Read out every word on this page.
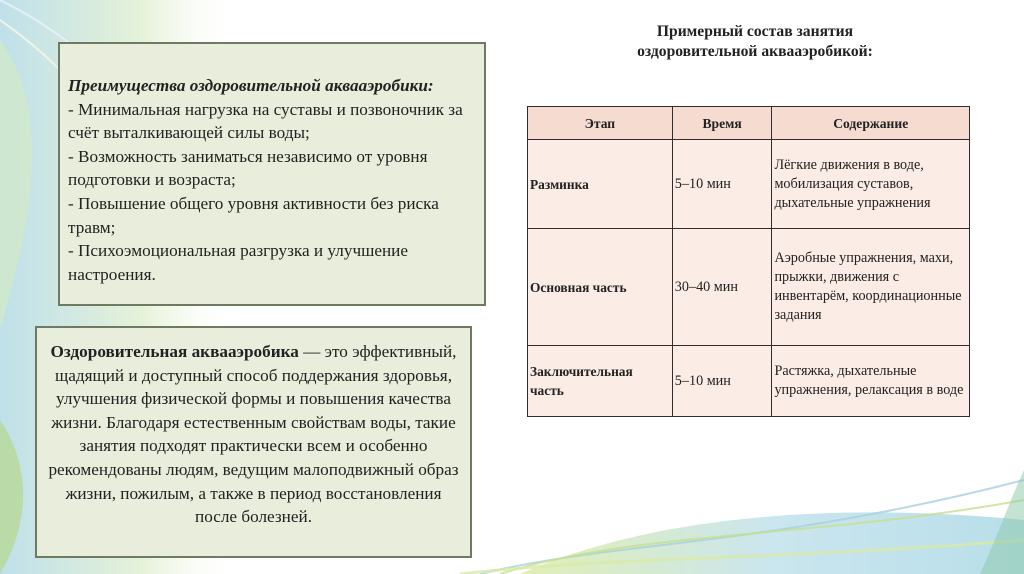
Преимущества оздоровительной аквааэробики:
- Минимальная нагрузка на суставы и позвоночник за счёт выталкивающей силы воды;
- Возможность заниматься независимо от уровня подготовки и возраста;
- Повышение общего уровня активности без риска травм;
- Психоэмоциональная разгрузка и улучшение настроения.
Оздоровительная аквааэробика — это эффективный, щадящий и доступный способ поддержания здоровья, улучшения физической формы и повышения качества жизни. Благодаря естественным свойствам воды, такие занятия подходят практически всем и особенно рекомендованы людям, ведущим малоподвижный образ жизни, пожилым, а также в период восстановления после болезней.
Примерный состав занятия
оздоровительной аквааэробикой:
Этап	Время	Содержание
Разминка	5–10 мин	Лёгкие движения в воде, мобилизация суставов, дыхательные упражнения
Основная часть	30–40 мин	Аэробные упражнения, махи, прыжки, движения с инвентарём, координационные задания
Заключительная часть	5–10 мин	Растяжка, дыхательные упражнения, релаксация в воде
